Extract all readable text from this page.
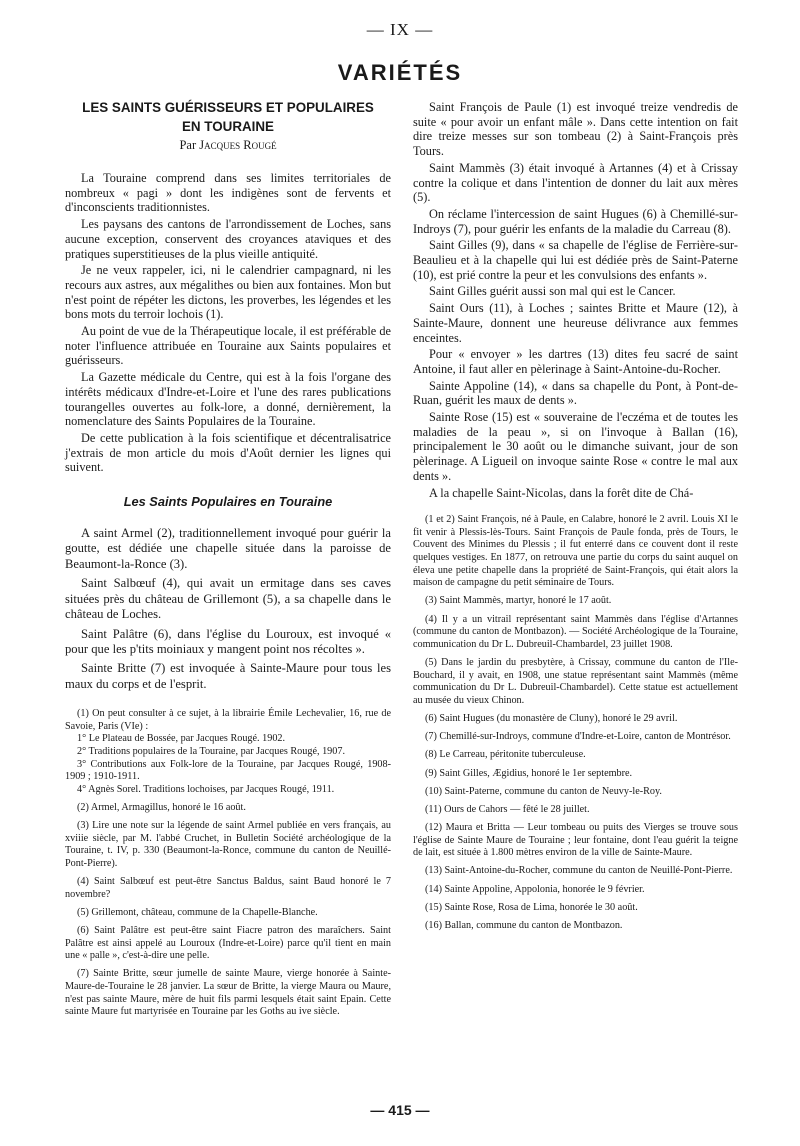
— IX —
VARIÉTÉS
LES SAINTS GUÉRISSEURS ET POPULAIRES
EN TOURAINE
Par Jacques Rougé

La Touraine comprend dans ses limites territoriales de nombreux « pagi » dont les indigènes sont de fervents et d'inconscients traditionnistes.

Les paysans des cantons de l'arrondissement de Loches, sans aucune exception, conservent des croyances ataviques et des pratiques superstitieuses de la plus vieille antiquité.

Je ne veux rappeler, ici, ni le calendrier campagnard, ni les recours aux astres, aux mégalithes ou bien aux fontaines. Mon but n'est point de répéter les dictons, les proverbes, les légendes et les bons mots du terroir lochois (1).

Au point de vue de la Thérapeutique locale, il est préférable de noter l'influence attribuée en Touraine aux Saints populaires et guérisseurs.

La Gazette médicale du Centre, qui est à la fois l'organe des intérêts médicaux d'Indre-et-Loire et l'une des rares publications tourangelles ouvertes au folk-lore, a donné, dernièrement, la nomenclature des Saints Populaires de la Touraine.

De cette publication à la fois scientifique et décentralisatrice j'extrais de mon article du mois d'Août dernier les lignes qui suivent.

Les Saints Populaires en Touraine

A saint Armel (2), traditionnellement invoqué pour guérir la goutte, est dédiée une chapelle située dans la paroisse de Beaumont-la-Ronce (3).

Saint Salbœuf (4), qui avait un ermitage dans ses caves situées près du château de Grillemont (5), a sa chapelle dans le château de Loches.

Saint Palâtre (6), dans l'église du Louroux, est invoqué « pour que les p'tits moiniaux y mangent point nos récoltes ».

Sainte Britte (7) est invoquée à Sainte-Maure pour tous les maux du corps et de l'esprit.

(1) On peut consulter à ce sujet, à la librairie Émile Lechevalier, 16, rue de Savoie, Paris (VIe) :

1° Le Plateau de Bossée, par Jacques Rougé. 1902.

2° Traditions populaires de la Touraine, par Jacques Rougé, 1907.

3° Contributions aux Folk-lore de la Touraine, par Jacques Rougé, 1908-1909 ; 1910-1911.

4° Agnès Sorel. Traditions lochoises, par Jacques Rougé, 1911.

(2) Armel, Armagillus, honoré le 16 août.

(3) Lire une note sur la légende de saint Armel publiée en vers français, au xviiie siècle, par M. l'abbé Cruchet, in Bulletin Société archéologique de la Touraine, t. IV, p. 330 (Beaumont-la-Ronce, commune du canton de Neuillé-Pont-Pierre).

(4) Saint Salbœuf est peut-être Sanctus Baldus, saint Baud honoré le 7 novembre?

(5) Grillemont, château, commune de la Chapelle-Blanche.

(6) Saint Palâtre est peut-être saint Fiacre patron des maraîchers. Saint Palâtre est ainsi appelé au Louroux (Indre-et-Loire) parce qu'il tient en main une « palle », c'est-à-dire une pelle.

(7) Sainte Britte, sœur jumelle de sainte Maure, vierge honorée à Sainte-Maure-de-Touraine le 28 janvier. La sœur de Britte, la vierge Maura ou Maure, n'est pas sainte Maure, mère de huit fils parmi lesquels était saint Epain. Cette sainte Maure fut martyrisée en Touraine par les Goths au ive siècle.

Saint François de Paule (1) est invoqué treize vendredis de suite « pour avoir un enfant mâle ». Dans cette intention on fait dire treize messes sur son tombeau (2) à Saint-François près Tours.

Saint Mammès (3) était invoqué à Artannes (4) et à Crissay contre la colique et dans l'intention de donner du lait aux mères (5).

On réclame l'intercession de saint Hugues (6) à Chemillé-sur-Indroys (7), pour guérir les enfants de la maladie du Carreau (8).

Saint Gilles (9), dans « sa chapelle de l'église de Ferrière-sur-Beaulieu et à la chapelle qui lui est dédiée près de Saint-Paterne (10), est prié contre la peur et les convulsions des enfants ».

Saint Gilles guérit aussi son mal qui est le Cancer.

Saint Ours (11), à Loches ; saintes Britte et Maure (12), à Sainte-Maure, donnent une heureuse délivrance aux femmes enceintes.

Pour « envoyer » les dartres (13) dites feu sacré de saint Antoine, il faut aller en pèlerinage à Saint-Antoine-du-Rocher.

Sainte Appoline (14), « dans sa chapelle du Pont, à Pont-de-Ruan, guérit les maux de dents ».

Sainte Rose (15) est « souveraine de l'eczéma et de toutes les maladies de la peau », si on l'invoque à Ballan (16), principalement le 30 août ou le dimanche suivant, jour de son pèlerinage. A Ligueil on invoque sainte Rose « contre le mal aux dents ».

A la chapelle Saint-Nicolas, dans la forêt dite de Chá-

(1 et 2) Saint François, né à Paule, en Calabre, honoré le 2 avril. Louis XI le fit venir à Plessis-lès-Tours. Saint François de Paule fonda, près de Tours, le Couvent des Minimes du Plessis ; il fut enterré dans ce couvent dont il reste quelques vestiges. En 1877, on retrouva une partie du corps du saint auquel on éleva une petite chapelle dans la propriété de Saint-François, qui était alors la maison de campagne du petit séminaire de Tours.

(3) Saint Mammès, martyr, honoré le 17 août.

(4) Il y a un vitrail représentant saint Mammès dans l'église d'Artannes (commune du canton de Montbazon). — Société Archéologique de la Touraine, communication du Dr L. Dubreuil-Chambardel, 23 juillet 1908.

(5) Dans le jardin du presbytère, à Crissay, commune du canton de l'Ile-Bouchard, il y avait, en 1908, une statue représentant saint Mammès (même communication du Dr L. Dubreuil-Chambardel). Cette statue est actuellement au musée du vieux Chinon.

(6) Saint Hugues (du monastère de Cluny), honoré le 29 avril.

(7) Chemillé-sur-Indroys, commune d'Indre-et-Loire, canton de Montrésor.

(8) Le Carreau, péritonite tuberculeuse.

(9) Saint Gilles, Ægidius, honoré le 1er septembre.

(10) Saint-Paterne, commune du canton de Neuvy-le-Roy.

(11) Ours de Cahors — fêté le 28 juillet.

(12) Maura et Britta — Leur tombeau ou puits des Vierges se trouve sous l'église de Sainte Maure de Touraine ; leur fontaine, dont l'eau guérit la teigne de lait, est située à 1.800 mètres environ de la ville de Sainte-Maure.

(13) Saint-Antoine-du-Rocher, commune du canton de Neuillé-Pont-Pierre.

(14) Sainte Appoline, Appolonia, honorée le 9 février.

(15) Sainte Rose, Rosa de Lima, honorée le 30 août.

(16) Ballan, commune du canton de Montbazon.

— 415 —
